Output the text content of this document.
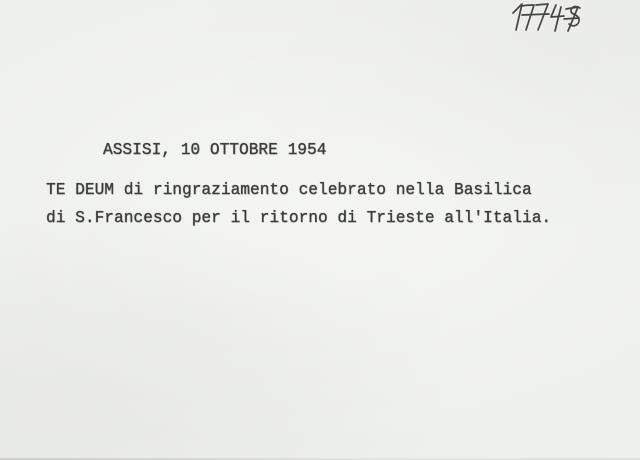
ASSISI, 10 OTTOBRE 1954
TE DEUM di ringraziamento celebrato nella Basilica
di S.Francesco per il ritorno di Trieste all'Italia.
